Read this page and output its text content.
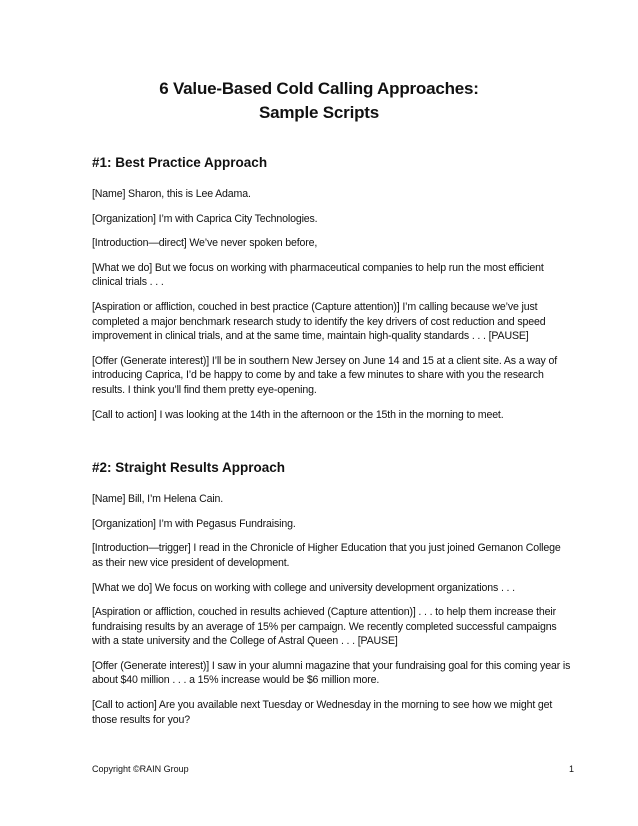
6 Value-Based Cold Calling Approaches:
Sample Scripts
#1: Best Practice Approach

[Name] Sharon, this is Lee Adama.

[Organization] I’m with Caprica City Technologies.

[Introduction—direct] We’ve never spoken before,

[What we do] But we focus on working with pharmaceutical companies to help run the most efficient clinical trials . . .

[Aspiration or affliction, couched in best practice (Capture attention)] I’m calling because we’ve just completed a major benchmark research study to identify the key drivers of cost reduction and speed improvement in clinical trials, and at the same time, maintain high-quality standards . . . [PAUSE]

[Offer (Generate interest)] I’ll be in southern New Jersey on June 14 and 15 at a client site. As a way of introducing Caprica, I’d be happy to come by and take a few minutes to share with you the research results. I think you’ll find them pretty eye-opening.

[Call to action] I was looking at the 14th in the afternoon or the 15th in the morning to meet.

#2: Straight Results Approach

[Name] Bill, I’m Helena Cain.

[Organization] I’m with Pegasus Fundraising.

[Introduction—trigger] I read in the Chronicle of Higher Education that you just joined Gemanon College as their new vice president of development.

[What we do] We focus on working with college and university development organizations . . .

[Aspiration or affliction, couched in results achieved (Capture attention)] . . . to help them increase their fundraising results by an average of 15% per campaign. We recently completed successful campaigns with a state university and the College of Astral Queen . . . [PAUSE]

[Offer (Generate interest)] I saw in your alumni magazine that your fundraising goal for this coming year is about $40 million . . . a 15% increase would be $6 million more.

[Call to action] Are you available next Tuesday or Wednesday in the morning to see how we might get those results for you?

Copyright ©RAIN Group	1
